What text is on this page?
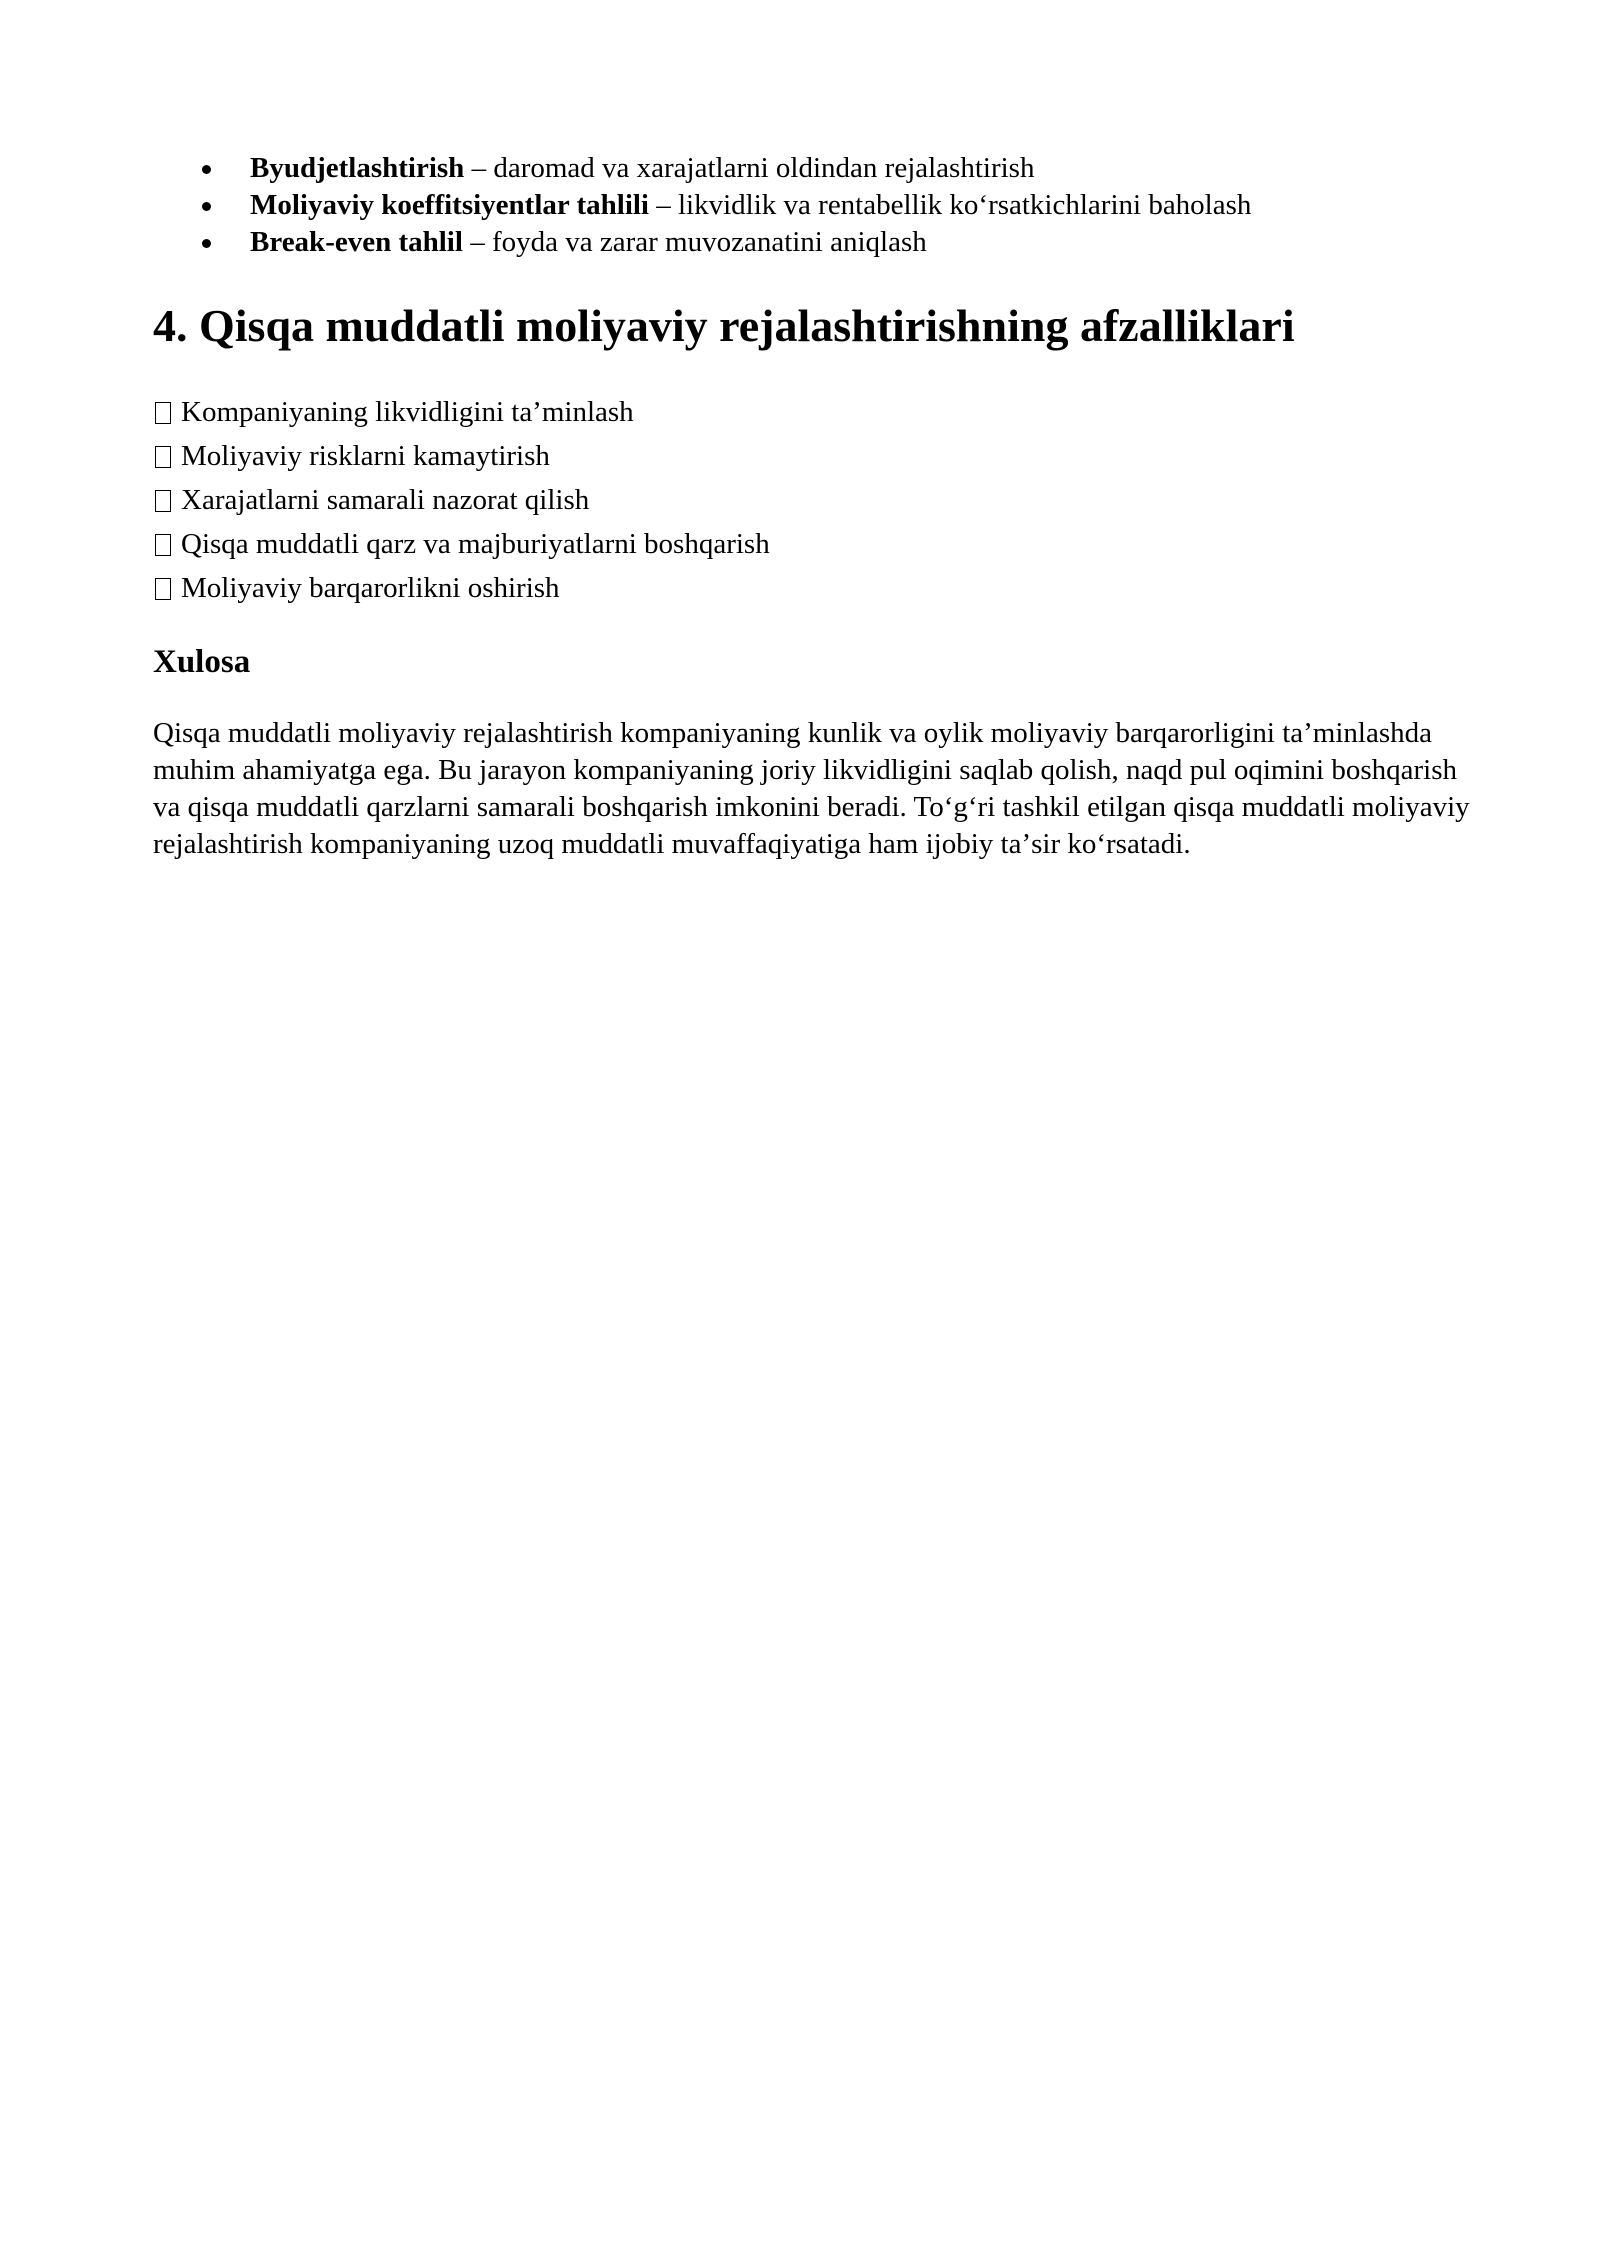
Byudjetlashtirish – daromad va xarajatlarni oldindan rejalashtirish
Moliyaviy koeffitsiyentlar tahlili – likvidlik va rentabellik koʻrsatkichlarini baholash
Break-even tahlil – foyda va zarar muvozanatini aniqlash
4. Qisqa muddatli moliyaviy rejalashtirishning afzalliklari
Kompaniyaning likvidligini taʼminlash
Moliyaviy risklarni kamaytirish
Xarajatlarni samarali nazorat qilish
Qisqa muddatli qarz va majburiyatlarni boshqarish
Moliyaviy barqarorlikni oshirish
Xulosa

Qisqa muddatli moliyaviy rejalashtirish kompaniyaning kunlik va oylik moliyaviy barqarorligini taʼminlashda muhim ahamiyatga ega. Bu jarayon kompaniyaning joriy likvidligini saqlab qolish, naqd pul oqimini boshqarish va qisqa muddatli qarzlarni samarali boshqarish imkonini beradi. Toʻgʻri tashkil etilgan qisqa muddatli moliyaviy rejalashtirish kompaniyaning uzoq muddatli muvaffaqiyatiga ham ijobiy taʼsir koʻrsatadi.
